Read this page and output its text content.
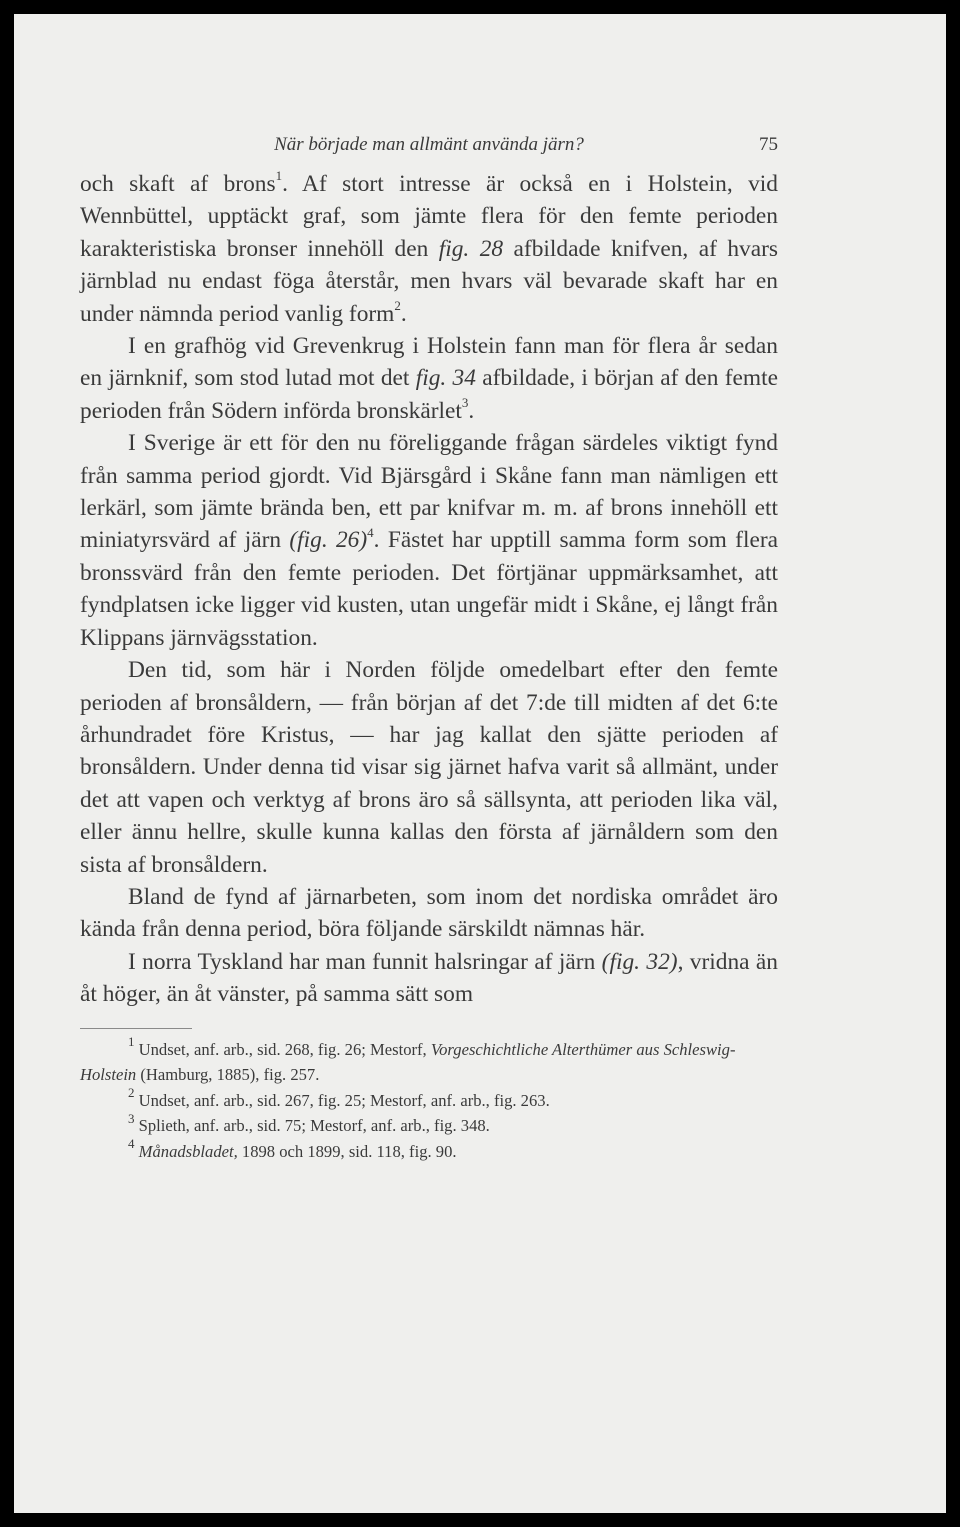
När började man allmänt använda järn?	75

och skaft af brons$^1$. Af stort intresse är också en i Holstein, vid Wennbüttel, upptäckt graf, som jämte flera för den femte perioden karakteristiska bronser innehöll den fig. 28 afbildade knifven, af hvars järnblad nu endast föga återstår, men hvars väl bevarade skaft har en under nämnda period vanlig form$^2$.

I en grafhög vid Grevenkrug i Holstein fann man för flera år sedan en järnknif, som stod lutad mot det fig. 34 afbildade, i början af den femte perioden från Södern införda bronskärlet$^3$.

I Sverige är ett för den nu föreliggande frågan särdeles viktigt fynd från samma period gjordt. Vid Bjärsgård i Skåne fann man nämligen ett lerkärl, som jämte brända ben, ett par knifvar m. m. af brons innehöll ett miniatyrsvärd af järn (fig. 26)$^4$. Fästet har upptill samma form som flera bronssvärd från den femte perioden. Det förtjänar uppmärksamhet, att fyndplatsen icke ligger vid kusten, utan ungefär midt i Skåne, ej långt från Klippans järnvägsstation.

Den tid, som här i Norden följde omedelbart efter den femte perioden af bronsåldern, — från början af det 7:de till midten af det 6:te århundradet före Kristus, — har jag kallat den sjätte perioden af bronsåldern. Under denna tid visar sig järnet hafva varit så allmänt, under det att vapen och verktyg af brons äro så sällsynta, att perioden lika väl, eller ännu hellre, skulle kunna kallas den första af järnåldern som den sista af bronsåldern.

Bland de fynd af järnarbeten, som inom det nordiska området äro kända från denna period, böra följande särskildt nämnas här.

I norra Tyskland har man funnit halsringar af järn (fig. 32), vridna än åt höger, än åt vänster, på samma sätt som

$^1$ Undset, anf. arb., sid. 268, fig. 26; Mestorf, Vorgeschichtliche Alterthümer aus Schleswig-Holstein (Hamburg, 1885), fig. 257.

$^2$ Undset, anf. arb., sid. 267, fig. 25; Mestorf, anf. arb., fig. 263.

$^3$ Splieth, anf. arb., sid. 75; Mestorf, anf. arb., fig. 348.

$^4$ Månadsbladet, 1898 och 1899, sid. 118, fig. 90.
